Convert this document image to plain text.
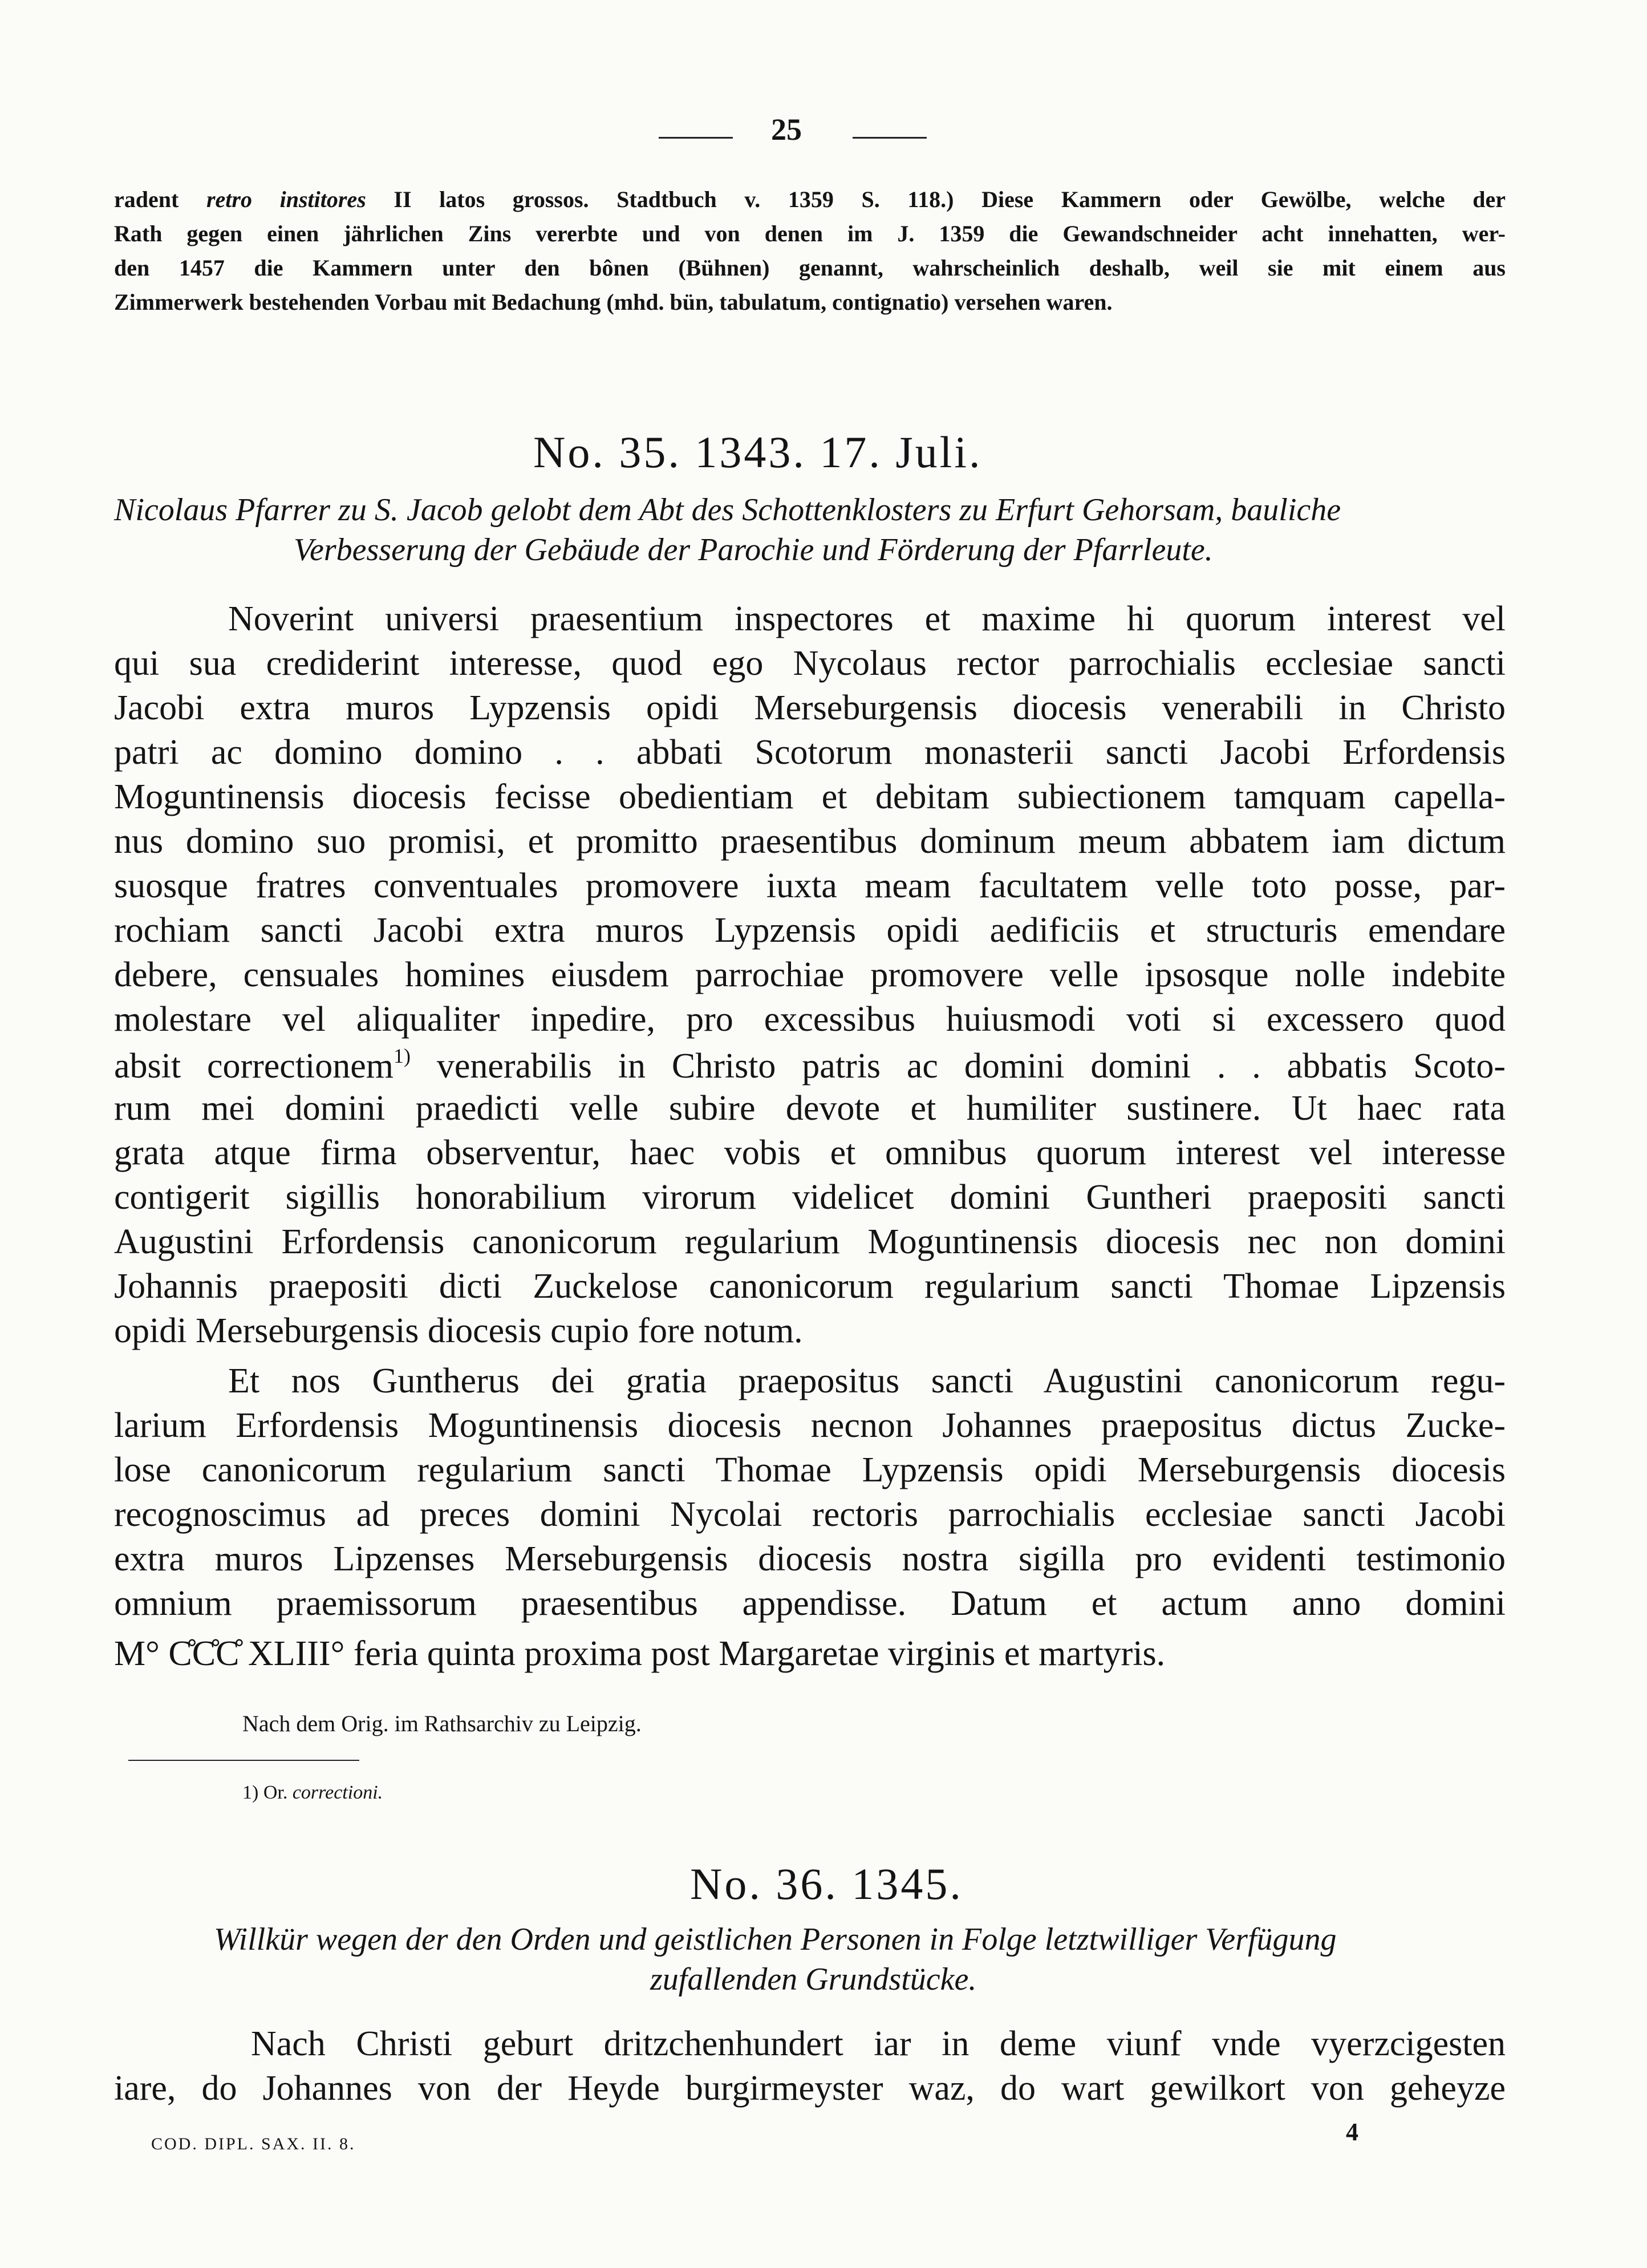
25
radent retro institores II latos grossos. Stadtbuch v. 1359 S. 118.) Diese Kammern oder Gewölbe, welche der
Rath gegen einen jährlichen Zins vererbte und von denen im J. 1359 die Gewandschneider acht innehatten, wer-
den 1457 die Kammern unter den bônen (Bühnen) genannt, wahrscheinlich deshalb, weil sie mit einem aus
Zimmerwerk bestehenden Vorbau mit Bedachung (mhd. bün, tabulatum, contignatio) versehen waren.
No. 35. 1343. 17. Juli.
Nicolaus Pfarrer zu S. Jacob gelobt dem Abt des Schottenklosters zu Erfurt Gehorsam, bauliche
Verbesserung der Gebäude der Parochie und Förderung der Pfarrleute.
Noverint universi praesentium inspectores et maxime hi quorum interest vel
qui sua crediderint interesse, quod ego Nycolaus rector parrochialis ecclesiae sancti
Jacobi extra muros Lypzensis opidi Merseburgensis diocesis venerabili in Christo
patri ac domino domino . . abbati Scotorum monasterii sancti Jacobi Erfordensis
Moguntinensis diocesis fecisse obedientiam et debitam subiectionem tamquam capella-
nus domino suo promisi, et promitto praesentibus dominum meum abbatem iam dictum
suosque fratres conventuales promovere iuxta meam facultatem velle toto posse, par-
rochiam sancti Jacobi extra muros Lypzensis opidi aedificiis et structuris emendare
debere, censuales homines eiusdem parrochiae promovere velle ipsosque nolle indebite
molestare vel aliqualiter inpedire, pro excessibus huiusmodi voti si excessero quod
absit correctionem$^{1)}$ venerabilis in Christo patris ac domini domini . . abbatis Scoto-
rum mei domini praedicti velle subire devote et humiliter sustinere. Ut haec rata
grata atque firma observentur, haec vobis et omnibus quorum interest vel interesse
contigerit sigillis honorabilium virorum videlicet domini Guntheri praepositi sancti
Augustini Erfordensis canonicorum regularium Moguntinensis diocesis nec non domini
Johannis praepositi dicti Zuckelose canonicorum regularium sancti Thomae Lipzensis
opidi Merseburgensis diocesis cupio fore notum.
Et nos Guntherus dei gratia praepositus sancti Augustini canonicorum regu-
larium Erfordensis Moguntinensis diocesis necnon Johannes praepositus dictus Zucke-
lose canonicorum regularium sancti Thomae Lypzensis opidi Merseburgensis diocesis
recognoscimus ad preces domini Nycolai rectoris parrochialis ecclesiae sancti Jacobi
extra muros Lipzenses Merseburgensis diocesis nostra sigilla pro evidenti testimonio
omnium praemissorum praesentibus appendisse. Datum et actum anno domini
M° C̊C̊C̊ XLIII° feria quinta proxima post Margaretae virginis et martyris.
Nach dem Orig. im Rathsarchiv zu Leipzig.
1) Or. correctioni.
No. 36. 1345.
Willkür wegen der den Orden und geistlichen Personen in Folge letztwilliger Verfügung
zufallenden Grundstücke.
Nach Christi geburt dritzchenhundert iar in deme viunf vnde vyerzcigesten
iare, do Johannes von der Heyde burgirmeyster waz, do wart gewilkort von geheyze
COD. DIPL. SAX. II. 8.	4
